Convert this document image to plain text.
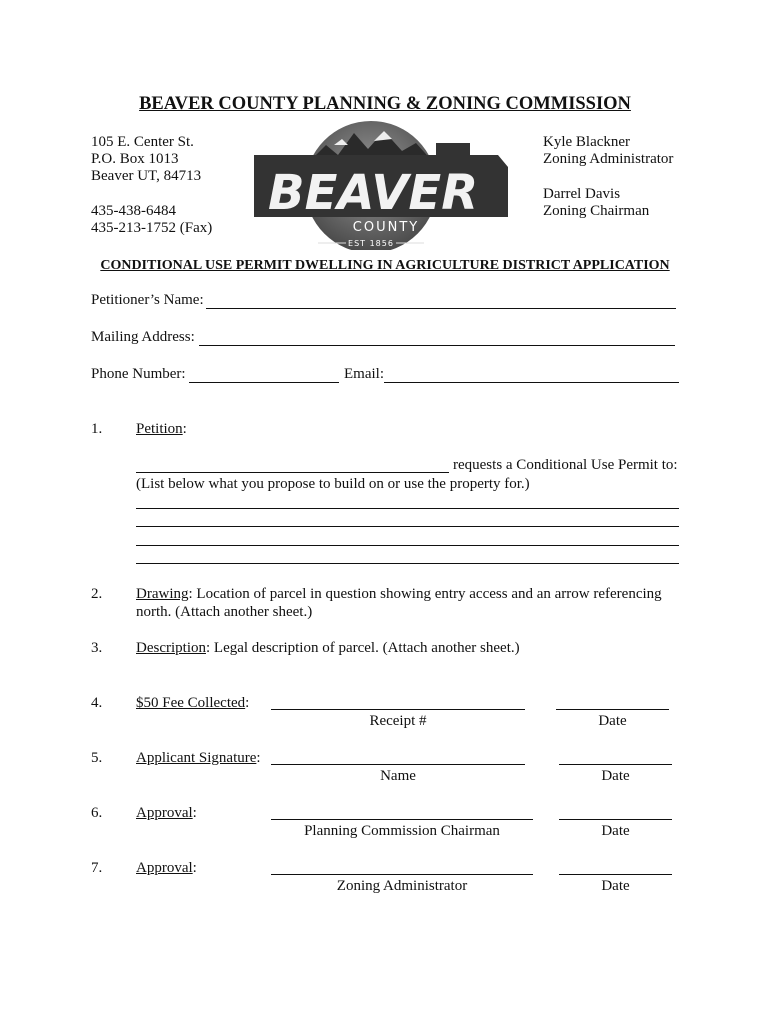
BEAVER COUNTY PLANNING & ZONING COMMISSION
105 E. Center St.
P.O. Box 1013
Beaver UT, 84713
435-438-6484
435-213-1752 (Fax)
Kyle Blackner
Zoning Administrator
Darrel Davis
Zoning Chairman
BEAVER
COUNTY
EST 1856
CONDITIONAL USE PERMIT DWELLING IN AGRICULTURE DISTRICT APPLICATION
Petitioner’s Name:
Mailing Address:
Phone Number:	Email:
1. Petition:
requests a Conditional Use Permit to:
(List below what you propose to build on or use the property for.)
2. Drawing: Location of parcel in question showing entry access and an arrow referencing
north. (Attach another sheet.)
3. Description: Legal description of parcel. (Attach another sheet.)
4. $50 Fee Collected:
Receipt #	Date
5. Applicant Signature:
Name	Date
6. Approval:
Planning Commission Chairman	Date
7. Approval:
Zoning Administrator	Date
